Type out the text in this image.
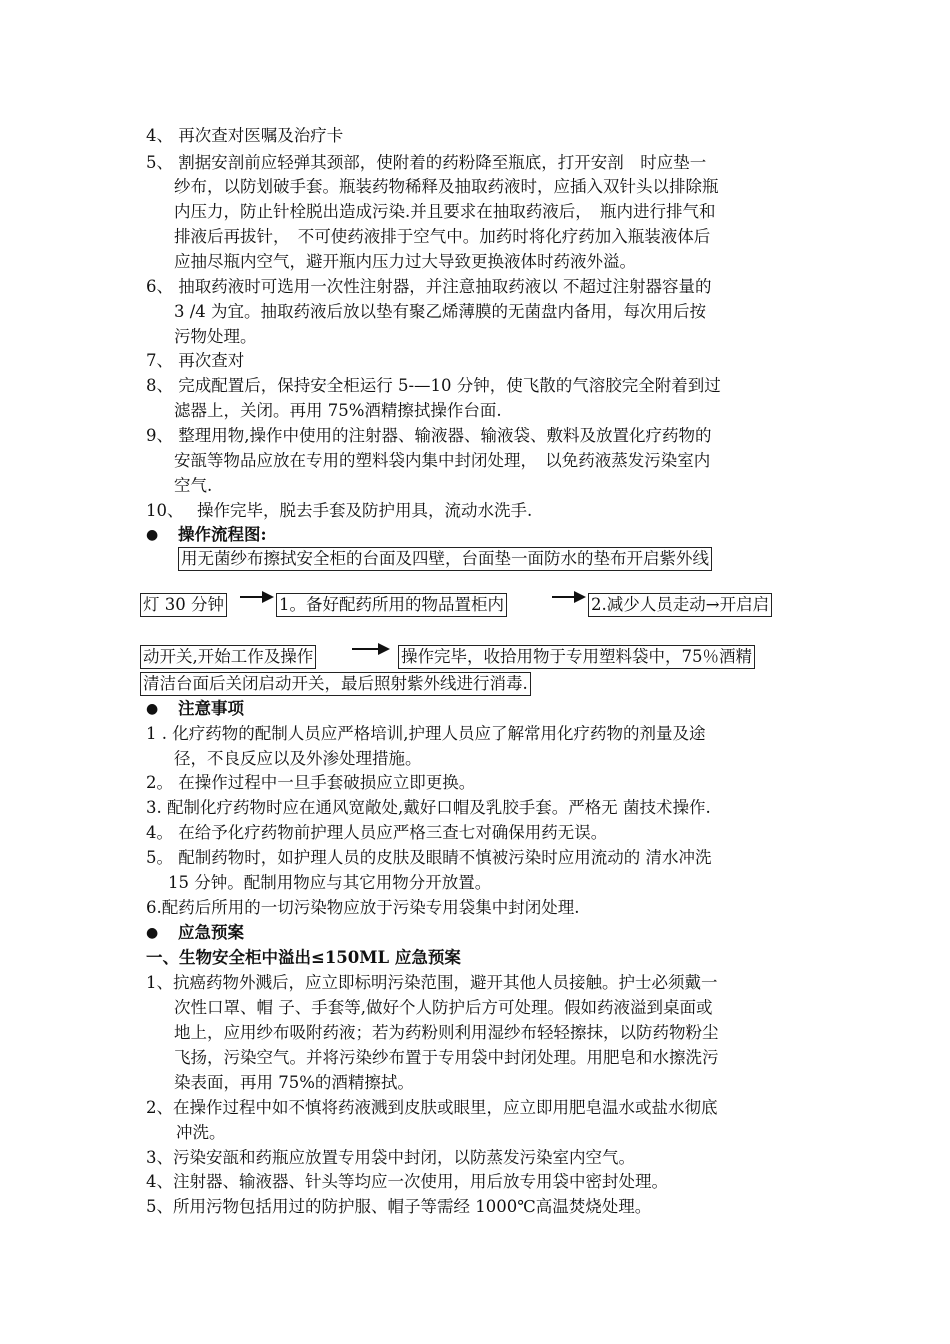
4、 再次查对医嘱及治疗卡
5、 割据安剖前应轻弹其颈部，使附着的药粉降至瓶底，打开安剖　时应垫一
纱布，以防划破手套。瓶装药物稀释及抽取药液时，应插入双针头以排除瓶
内压力，防止针栓脱出造成污染.并且要求在抽取药液后，　瓶内进行排气和
排液后再拔针，　不可使药液排于空气中。加药时将化疗药加入瓶装液体后
应抽尽瓶内空气，避开瓶内压力过大导致更换液体时药液外溢。
6、 抽取药液时可选用一次性注射器，并注意抽取药液以 不超过注射器容量的
3 /4 为宜。抽取药液后放以垫有聚乙烯薄膜的无菌盘内备用，每次用后按
污物处理。
7、 再次查对
8、 完成配置后，保持安全柜运行 5-—10 分钟，使飞散的气溶胶完全附着到过
滤器上，关闭。再用 75%酒精擦拭操作台面.
9、 整理用物,操作中使用的注射器、输液器、输液袋、敷料及放置化疗药物的
安瓿等物品应放在专用的塑料袋内集中封闭处理，　以免药液蒸发污染室内
空气.
10、　 操作完毕，脱去手套及防护用具，流动水洗手.
● 操作流程图:
用无菌纱布擦拭安全柜的台面及四壁，台面垫一面防水的垫布开启紫外线
灯 30 分钟	1。备好配药所用的物品置柜内	2.减少人员走动→开启启
动开关,开始工作及操作	操作完毕，收拾用物于专用塑料袋中，75％酒精
清洁台面后关闭启动开关，最后照射紫外线进行消毒.
● 注意事项
1 . 化疗药物的配制人员应严格培训,护理人员应了解常用化疗药物的剂量及途
径，不良反应以及外渗处理措施。
2。 在操作过程中一旦手套破损应立即更换。
3. 配制化疗药物时应在通风宽敞处,戴好口帽及乳胶手套。严格无 菌技术操作.
4。 在给予化疗药物前护理人员应严格三查七对确保用药无误。
5。 配制药物时，如护理人员的皮肤及眼睛不慎被污染时应用流动的 清水冲洗
15 分钟。配制用物应与其它用物分开放置。
6.配药后所用的一切污染物应放于污染专用袋集中封闭处理.
● 应急预案
一、生物安全柜中溢出≤150ML 应急预案
1、抗癌药物外溅后，应立即标明污染范围，避开其他人员接触。护士必须戴一
次性口罩、帽 子、手套等,做好个人防护后方可处理。假如药液溢到桌面或
地上，应用纱布吸附药液；若为药粉则利用湿纱布轻轻擦抹，以防药物粉尘
飞扬，污染空气。并将污染纱布置于专用袋中封闭处理。用肥皂和水擦洗污
染表面，再用 75%的酒精擦拭。
2、在操作过程中如不慎将药液溅到皮肤或眼里，应立即用肥皂温水或盐水彻底
冲洗。
3、污染安瓿和药瓶应放置专用袋中封闭，以防蒸发污染室内空气。
4、注射器、输液器、针头等均应一次使用，用后放专用袋中密封处理。
5、所用污物包括用过的防护服、帽子等需经 1000℃高温焚烧处理。
